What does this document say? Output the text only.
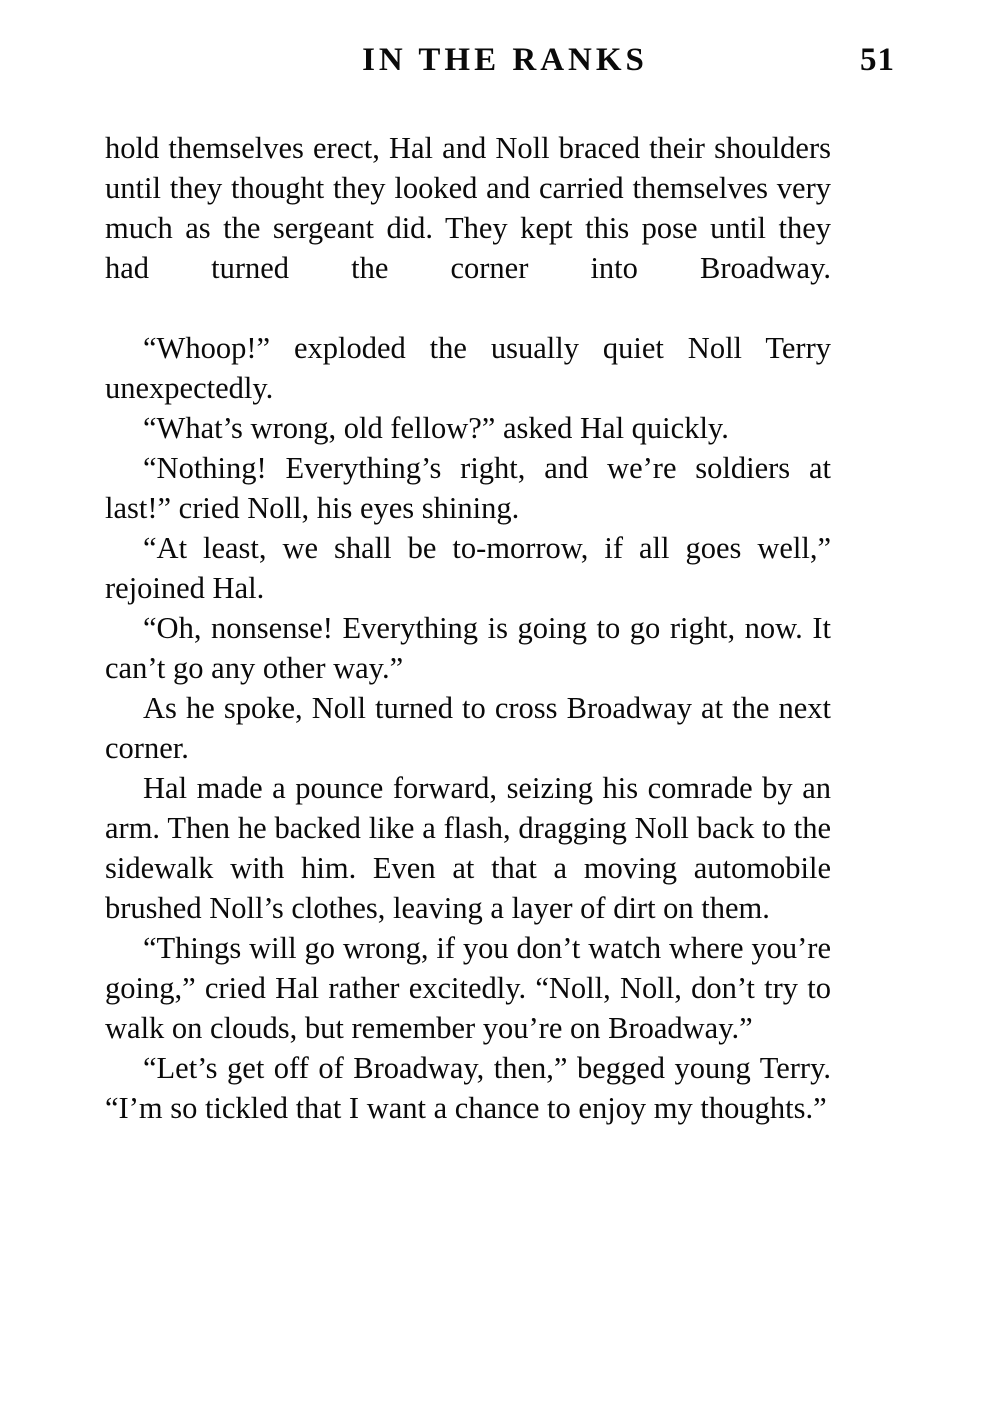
IN THE RANKS	51

hold themselves erect, Hal and Noll braced their shoulders until they thought they looked and carried themselves very much as the sergeant did. They kept this pose until they had turned the corner into Broadway.

“Whoop!” exploded the usually quiet Noll Terry unexpectedly.

“What’s wrong, old fellow?” asked Hal quickly.

“Nothing! Everything’s right, and we’re soldiers at last!” cried Noll, his eyes shining.

“At least, we shall be to-morrow, if all goes well,” rejoined Hal.

“Oh, nonsense! Everything is going to go right, now. It can’t go any other way.”

As he spoke, Noll turned to cross Broadway at the next corner.

Hal made a pounce forward, seizing his comrade by an arm. Then he backed like a flash, dragging Noll back to the sidewalk with him. Even at that a moving automobile brushed Noll’s clothes, leaving a layer of dirt on them.

“Things will go wrong, if you don’t watch where you’re going,” cried Hal rather excitedly. “Noll, Noll, don’t try to walk on clouds, but remember you’re on Broadway.”

“Let’s get off of Broadway, then,” begged young Terry. “I’m so tickled that I want a chance to enjoy my thoughts.”
